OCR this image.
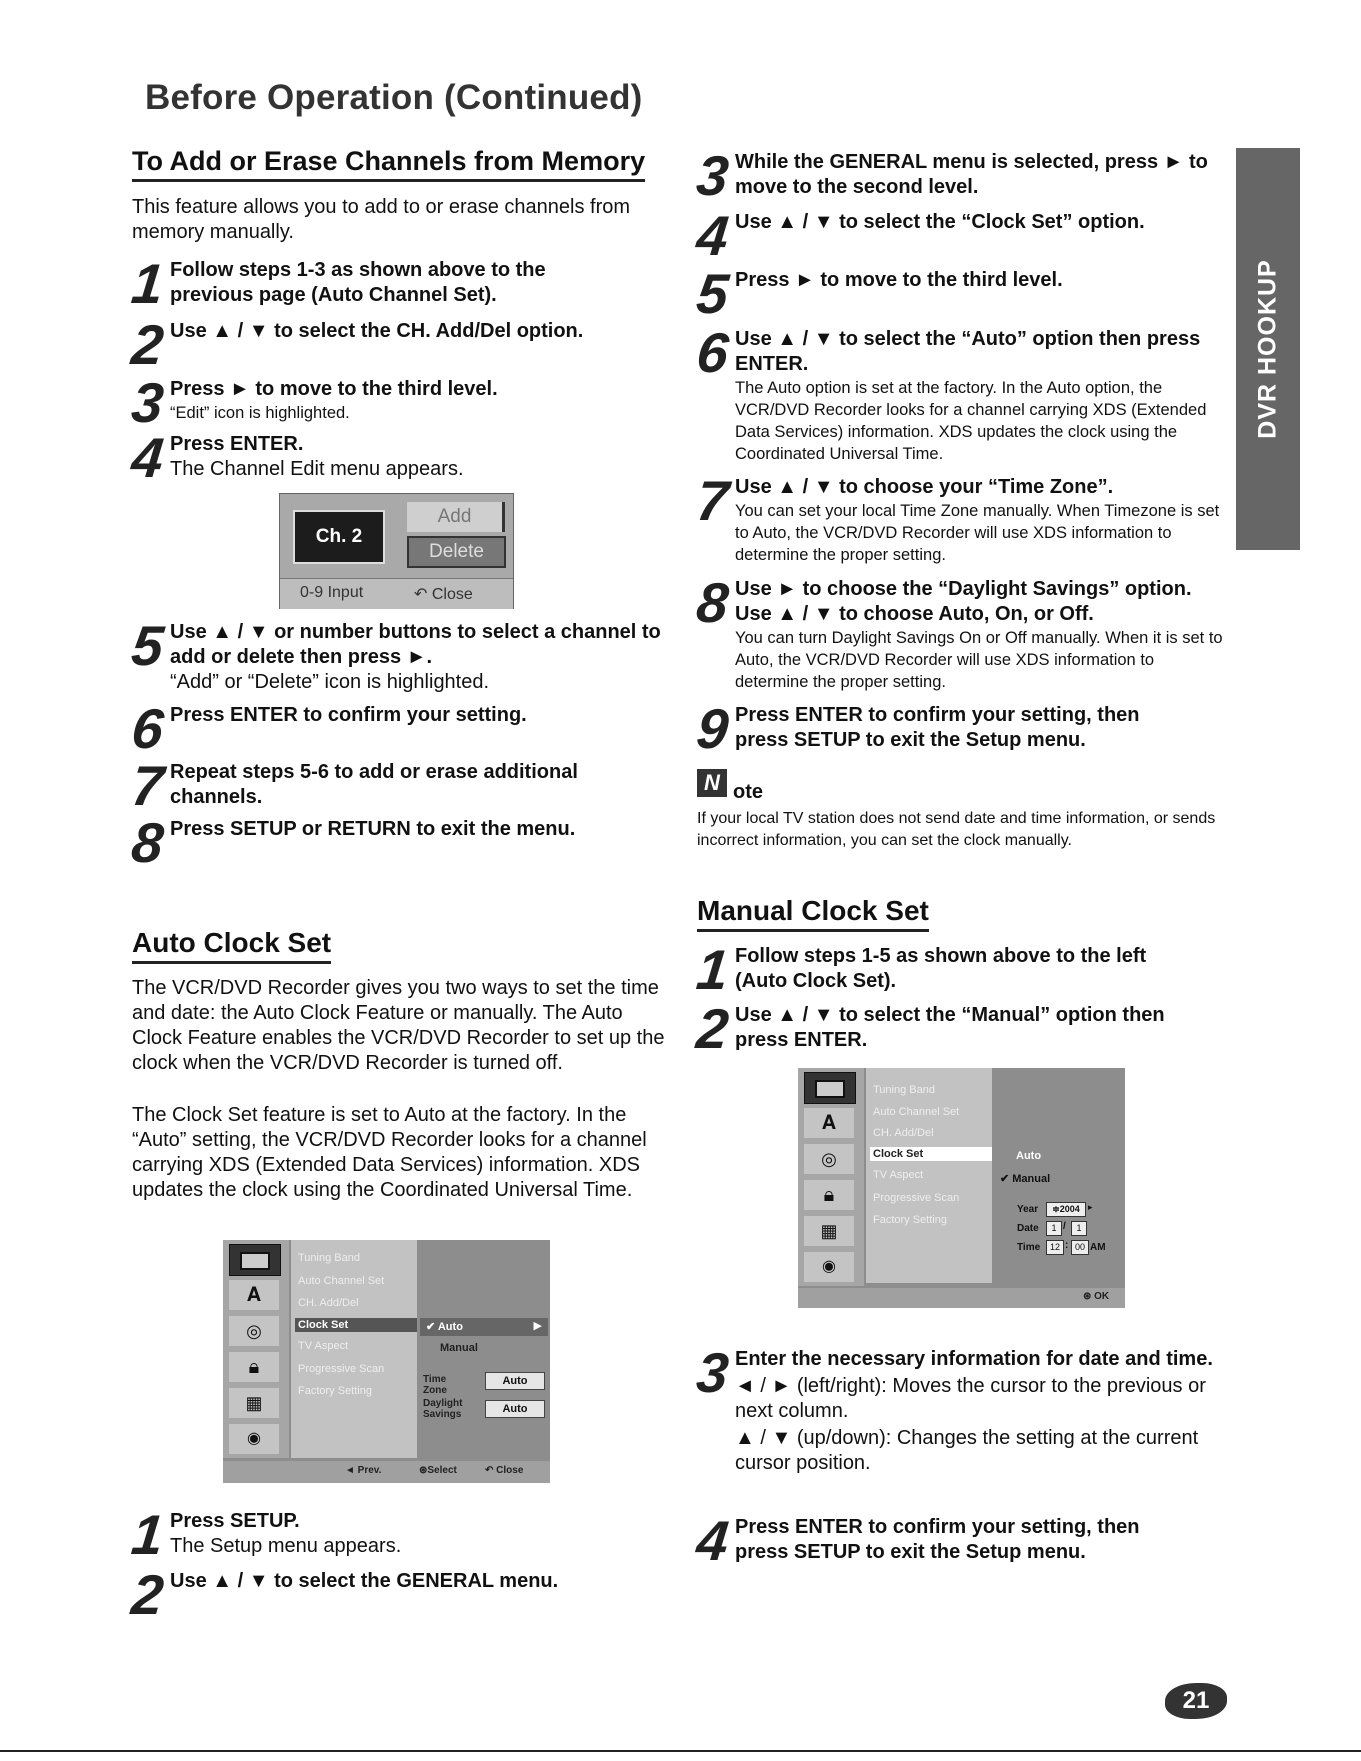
Before Operation (Continued)
DVR HOOKUP
To Add or Erase Channels from Memory
This feature allows you to add to or erase channels from memory manually.
1 Follow steps 1-3 as shown above to the previous page (Auto Channel Set).
2 Use ▲ / ▼ to select the CH. Add/Del option.
3 Press ► to move to the third level.
“Edit” icon is highlighted.
4 Press ENTER.
The Channel Edit menu appears.
Ch. 2
Add
Delete
0-9 Input	↶ Close
5 Use ▲ / ▼ or number buttons to select a channel to add or delete then press ►.
“Add” or “Delete” icon is highlighted.
6 Press ENTER to confirm your setting.
7 Repeat steps 5-6 to add or erase additional channels.
8 Press SETUP or RETURN to exit the menu.
Auto Clock Set
The VCR/DVD Recorder gives you two ways to set the time and date: the Auto Clock Feature or manually. The Auto Clock Feature enables the VCR/DVD Recorder to set up the clock when the VCR/DVD Recorder is turned off.
The Clock Set feature is set to Auto at the factory. In the “Auto” setting, the VCR/DVD Recorder looks for a channel carrying XDS (Extended Data Services) information. XDS updates the clock using the Coordinated Universal Time.
𝐀
◎
🔒︎
▦
◉
Tuning Band
Auto Channel Set
CH. Add/Del
Clock Set
TV Aspect
Progressive Scan
Factory Setting
✔ Auto	▶
Manual
Time Zone
Auto
Daylight Savings	Auto
◄ Prev.	⊛Select	↶ Close
1 Press SETUP.
The Setup menu appears.
2 Use ▲ / ▼ to select the GENERAL menu.
3 While the GENERAL menu is selected, press ► to move to the second level.
4 Use ▲ / ▼ to select the “Clock Set” option.
5 Press ► to move to the third level.
6 Use ▲ / ▼ to select the “Auto” option then press ENTER.
The Auto option is set at the factory. In the Auto option, the VCR/DVD Recorder looks for a channel carrying XDS (Extended Data Services) information. XDS updates the clock using the Coordinated Universal Time.
7 Use ▲ / ▼ to choose your “Time Zone”.
You can set your local Time Zone manually. When Timezone is set to Auto, the VCR/DVD Recorder will use XDS information to determine the proper setting.
8 Use ► to choose the “Daylight Savings” option. Use ▲ / ▼ to choose Auto, On, or Off.
You can turn Daylight Savings On or Off manually. When it is set to Auto, the VCR/DVD Recorder will use XDS information to determine the proper setting.
9 Press ENTER to confirm your setting, then press SETUP to exit the Setup menu.
N ote
If your local TV station does not send date and time information, or sends incorrect information, you can set the clock manually.
Manual Clock Set
1 Follow steps 1-5 as shown above to the left (Auto Clock Set).
2 Use ▲ / ▼ to select the “Manual” option then press ENTER.
𝐀
◎
🔒︎
▦
◉
Tuning Band
Auto Channel Set
CH. Add/Del
Clock Set
TV Aspect
Progressive Scan
Factory Setting
Auto
✔ Manual
Year	≑2004 ▸
Date	1 /	1
Time	12 : 00 AM
⊛ OK
3 Enter the necessary information for date and time.
◄ / ► (left/right): Moves the cursor to the previous or next column.
▲ / ▼ (up/down): Changes the setting at the current cursor position.
4 Press ENTER to confirm your setting, then press SETUP to exit the Setup menu.
21
